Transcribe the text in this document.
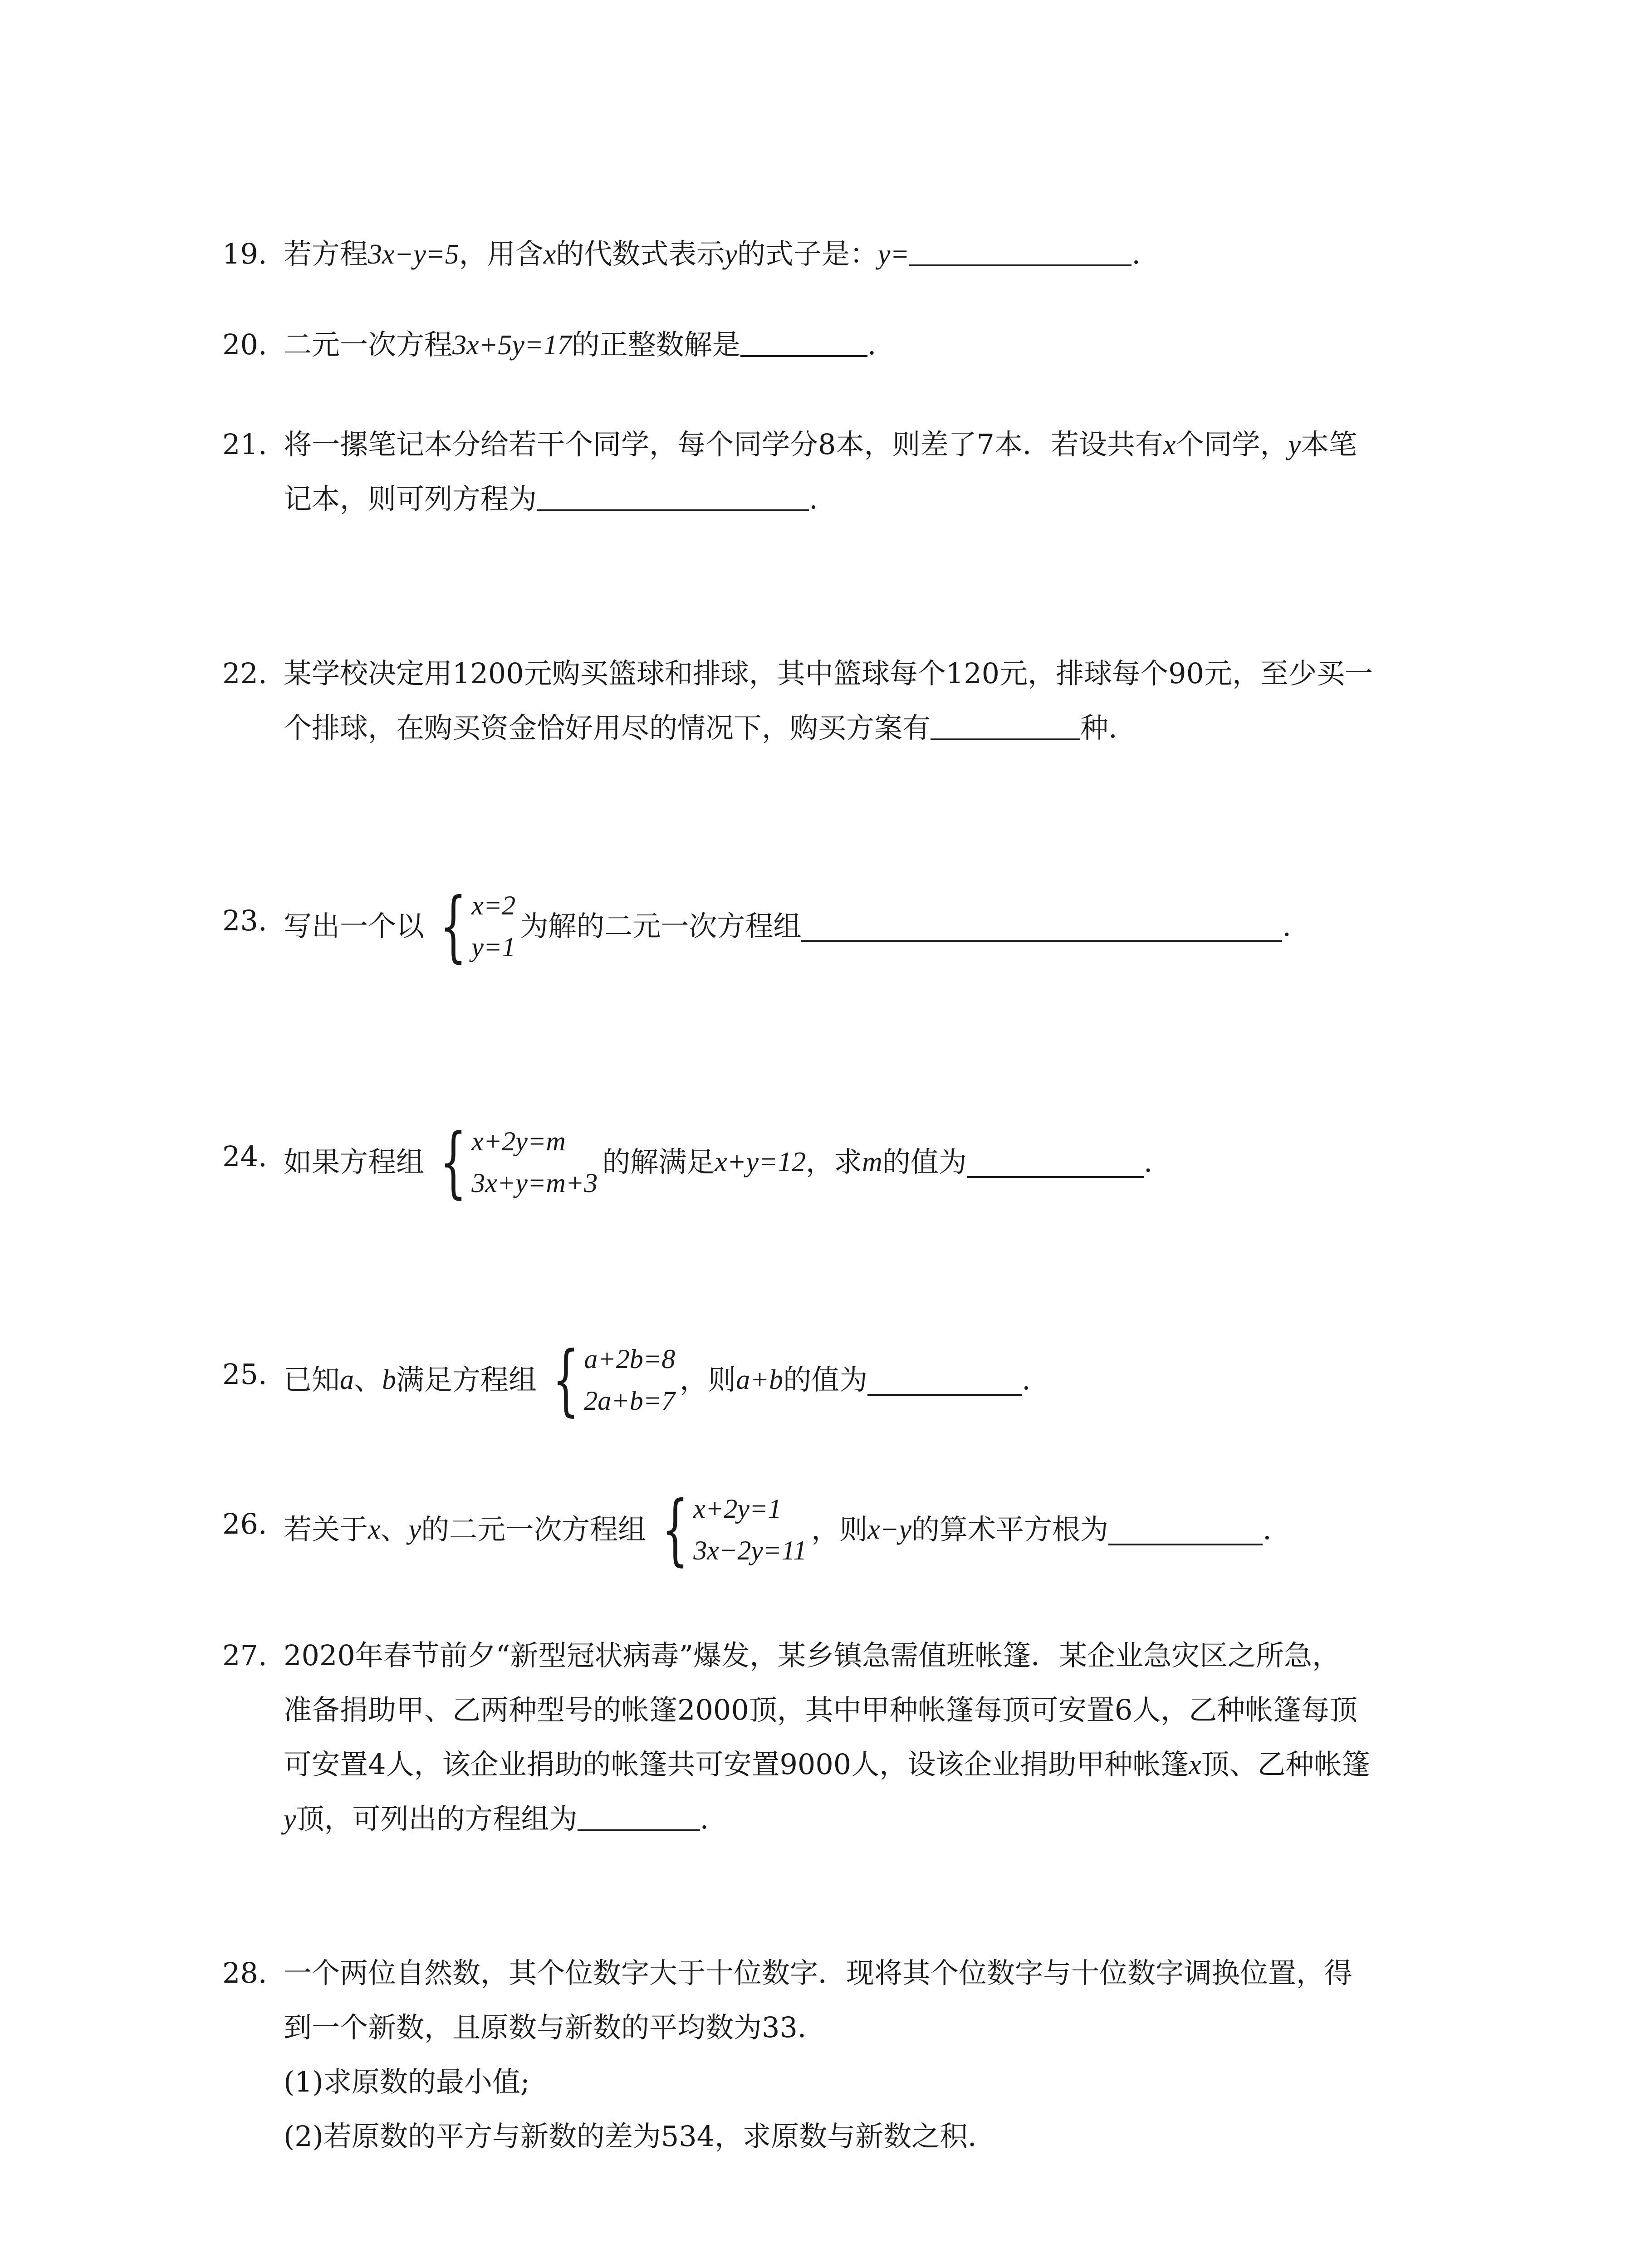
19. 若方程3x−y=5，用含x的代数式表示y的式子是：y=	.
20. 二元一次方程3x+5y=17的正整数解是	.
21. 将一摞笔记本分给若干个同学，每个同学分8本，则差了7本．若设共有x个同学，y本笔
记本，则可列方程为	.
22. 某学校决定用1200元购买篮球和排球，其中篮球每个120元，排球每个90元，至少买一
个排球，在购买资金恰好用尽的情况下，购买方案有	种.
23. 写出一个以 { x=2
y=1
为解的二元一次方程组	.
24. 如果方程组 { x+2y=m
3x+y=m+3
的解满足 x+y=12 ，求 m 的值为	.
25. 已知 a 、 b 满足方程组 { a+2b=8
2a+b=7
，则 a+b 的值为	.
26. 若关于 x 、 y 的二元一次方程组 { x+2y=1
3x−2y=11
，则 x−y 的算术平方根为	.
27. 2020年春节前夕“新型冠状病毒”爆发，某乡镇急需值班帐篷．某企业急灾区之所急，
准备捐助甲、乙两种型号的帐篷2000顶，其中甲种帐篷每顶可安置6人，乙种帐篷每顶
可安置4人，该企业捐助的帐篷共可安置9000人，设该企业捐助甲种帐篷x顶、乙种帐篷
y顶，可列出的方程组为	.
28. 一个两位自然数，其个位数字大于十位数字．现将其个位数字与十位数字调换位置，得
到一个新数，且原数与新数的平均数为33．
(1)求原数的最小值;
(2)若原数的平方与新数的差为534，求原数与新数之积．
